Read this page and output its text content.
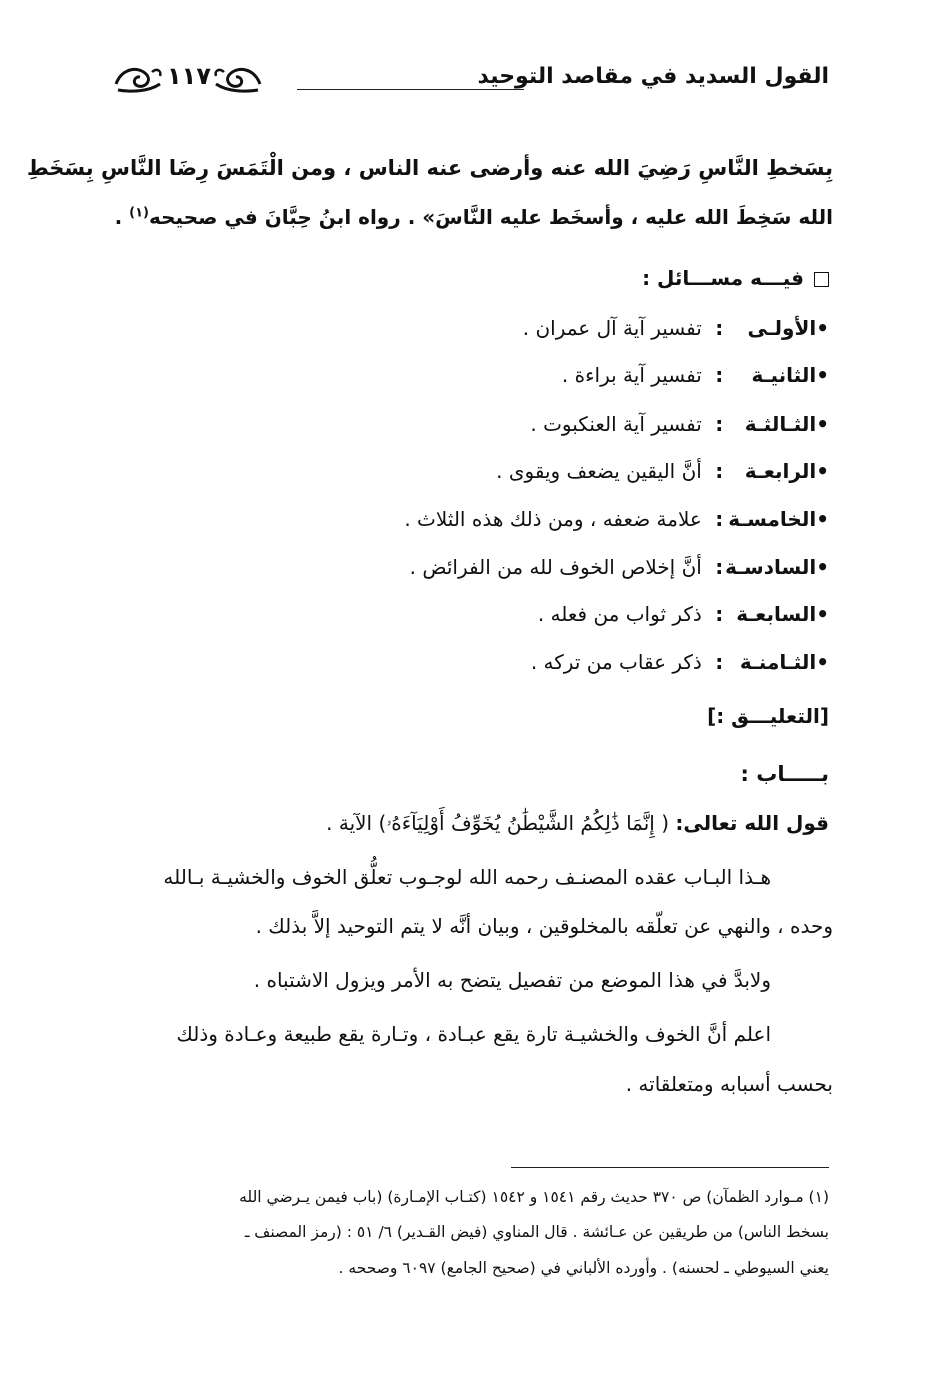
القول السديد في مقاصد التوحيد
١١٧
بِسَخطِ النَّاسِ رَضِيَ الله عنه وأرضى عنه الناس ، ومن الْتَمَسَ رِضَا النَّاسِ بِسَخَطِ
الله سَخِطَ الله عليه ، وأسخَط عليه النَّاسَ» . رواه ابنُ حِبَّانَ في صحيحه$^{(١)}$ .
فيـــه مســـائل :
•الأولـى: تفسير آية آل عمران .
•الثانيـة: تفسير آية براءة .
•الثـالثـة: تفسير آية العنكبوت .
•الرابعـة: أنَّ اليقين يضعف ويقوى .
•الخامسـة: علامة ضعفه ، ومن ذلك هذه الثلاث .
•السادسـة: أنَّ إخلاص الخوف لله من الفرائض .
•السابعـة: ذكر ثواب من فعله .
•الثـامنـة: ذكر عقاب من تركه .
[التعليـــق :]
بـــــاب :
قول الله تعالى: ( إِنَّمَا ذَٰلِكُمُ الشَّيْطَٰنُ يُخَوِّفُ أَوْلِيَآءَهُۥ) الآية .
هـذا البـاب عقده المصنـف رحمه الله لوجـوب تعلُّق الخوف والخشيـة بـالله
وحده ، والنهي عن تعلّقه بالمخلوقين ، وبيان أنَّه لا يتم التوحيد إلاَّ بذلك .
ولابدَّ في هذا الموضع من تفصيل يتضح به الأمر ويزول الاشتباه .
اعلم أنَّ الخوف والخشيـة تارة يقع عبـادة ، وتـارة يقع طبيعة وعـادة وذلك
بحسب أسبابه ومتعلقاته .
(١) مـوارد الظمآن) ص ٣٧٠ حديث رقم ١٥٤١ و ١٥٤٢ (كتـاب الإمـارة) (باب فيمن يـرضي الله
بسخط الناس) من طريقين عن عـائشة . قال المناوي (فيض القـدير) ٦/ ٥١ : (رمز المصنف ـ
يعني السيوطي ـ لحسنه) . وأورده الألباني في (صحيح الجامع) ٦٠٩٧ وصححه .
